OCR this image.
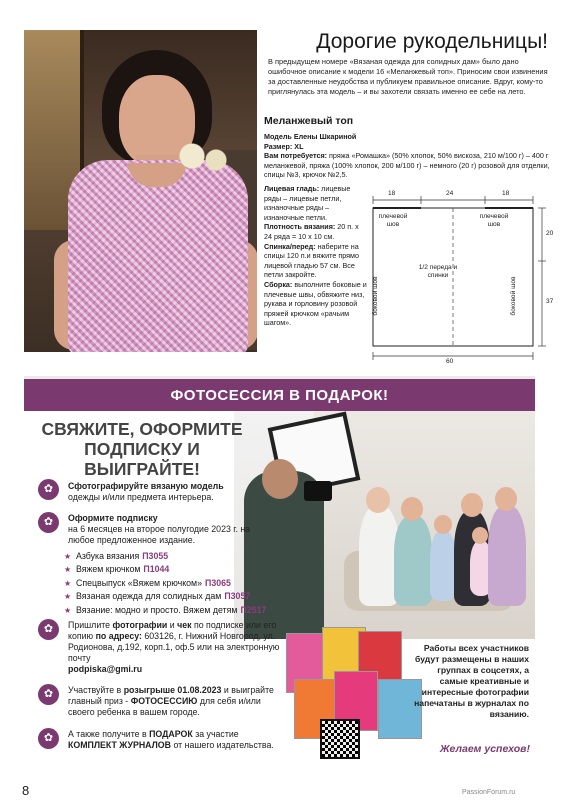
Дорогие рукодельницы!
В предыдущем номере «Вязаная одежда для солидных дам» было дано ошибочное описание к модели 16 «Меланжевый топ». Приносим свои извинения за доставленные неудобства и публикуем правильное описание. Вдруг, кому-то приглянулась эта модель – и вы захотели связать именно ее себе на лето.
Меланжевый топ
Модель Елены Шкариной
Размер: XL
Вам потребуется: пряжа «Ромашка» (50% хлопок, 50% вискоза, 210 м/100 г) – 400 г меланжевой, пряжа (100% хлопок, 200 м/100 г) – немного (20 г) розовой для отделки, спицы №3, крючок №2,5.

Лицевая гладь: лицевые ряды – лицевые петли, изнаночные ряды – изнаночные петли.

Плотность вязания: 20 п. х 24 ряда = 10 х 10 см.

Спинка/перед: наберите на спицы 120 п.и вяжите прямо лицевой гладью 57 см. Все петли закройте.

Сборка: выполните боковые и плечевые швы, обвяжите низ, рукава и горловину розовой пряжей крючком «рачьим шагом».

18	24	18
плечевой шов
плечевой шов
1/2 переда и спинки
боковой шов	боковой шов
20
37
60
ФОТОСЕССИЯ В ПОДАРОК!
СВЯЖИТЕ, ОФОРМИТЕ ПОДПИСКУ И ВЫИГРАЙТЕ!
✿ Сфотографируйте вязаную модель
одежды и/или предмета интерьера.
✿ Оформите подписку
на 6 месяцев на второе полугодие 2023 г. на любое предложенное издание.
★ Азбука вязания П3055
★ Вяжем крючком П1044
★ Спецвыпуск «Вяжем крючком» П3065
★ Вязаная одежда для солидных дам П3057
★ Вязание: модно и просто. Вяжем детям П2517
✿ Пришлите фотографии и чек по подписке или его копию по адресу: 603126, г. Нижний Новгород, ул. Родионова, д.192, корп.1, оф.5 или на электронную почту
podpiska@gmi.ru
✿ Участвуйте в розыгрыше 01.08.2023 и выиграйте главный приз - ФОТОСЕССИЮ для себя и/или своего ребенка в вашем городе.
✿ А также получите в ПОДАРОК за участие
КОМПЛЕКТ ЖУРНАЛОВ от нашего издательства.
Работы всех участников будут размещены в наших группах в соцсетях, а самые креативные и интересные фотографии напечатаны в журналах по вязанию.
Желаем успехов!
8	PassionForum.ru
